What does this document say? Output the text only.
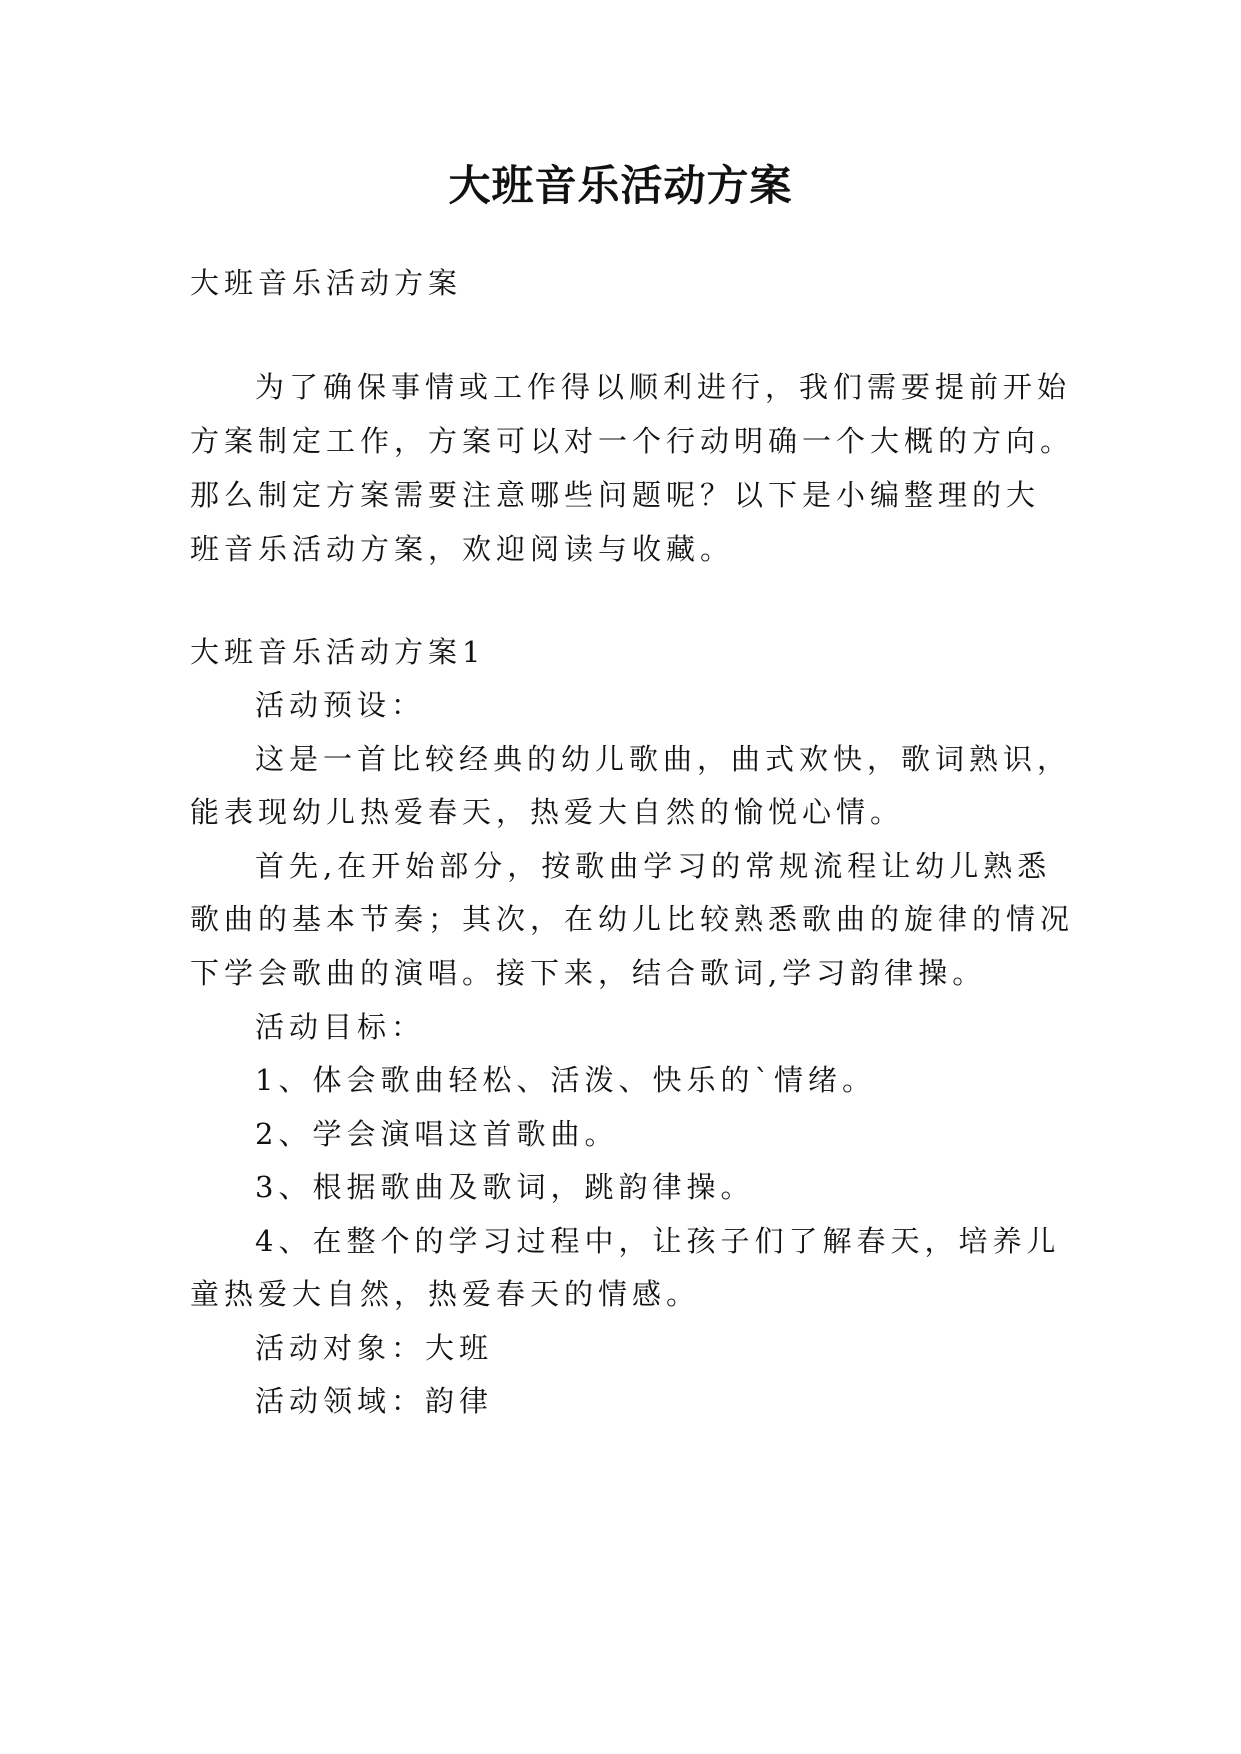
大班音乐活动方案
大班音乐活动方案
为了确保事情或工作得以顺利进行，我们需要提前开始
方案制定工作，方案可以对一个行动明确一个大概的方向。
那么制定方案需要注意哪些问题呢？以下是小编整理的大
班音乐活动方案，欢迎阅读与收藏。
大班音乐活动方案1
活动预设：
这是一首比较经典的幼儿歌曲，曲式欢快，歌词熟识，
能表现幼儿热爱春天，热爱大自然的愉悦心情。
首先,在开始部分，按歌曲学习的常规流程让幼儿熟悉
歌曲的基本节奏；其次，在幼儿比较熟悉歌曲的旋律的情况
下学会歌曲的演唱。接下来，结合歌词,学习韵律操。
活动目标：
1、体会歌曲轻松、活泼、快乐的`情绪。
2、学会演唱这首歌曲。
3、根据歌曲及歌词，跳韵律操。
4、在整个的学习过程中，让孩子们了解春天，培养儿
童热爱大自然，热爱春天的情感。
活动对象：大班
活动领域：韵律
